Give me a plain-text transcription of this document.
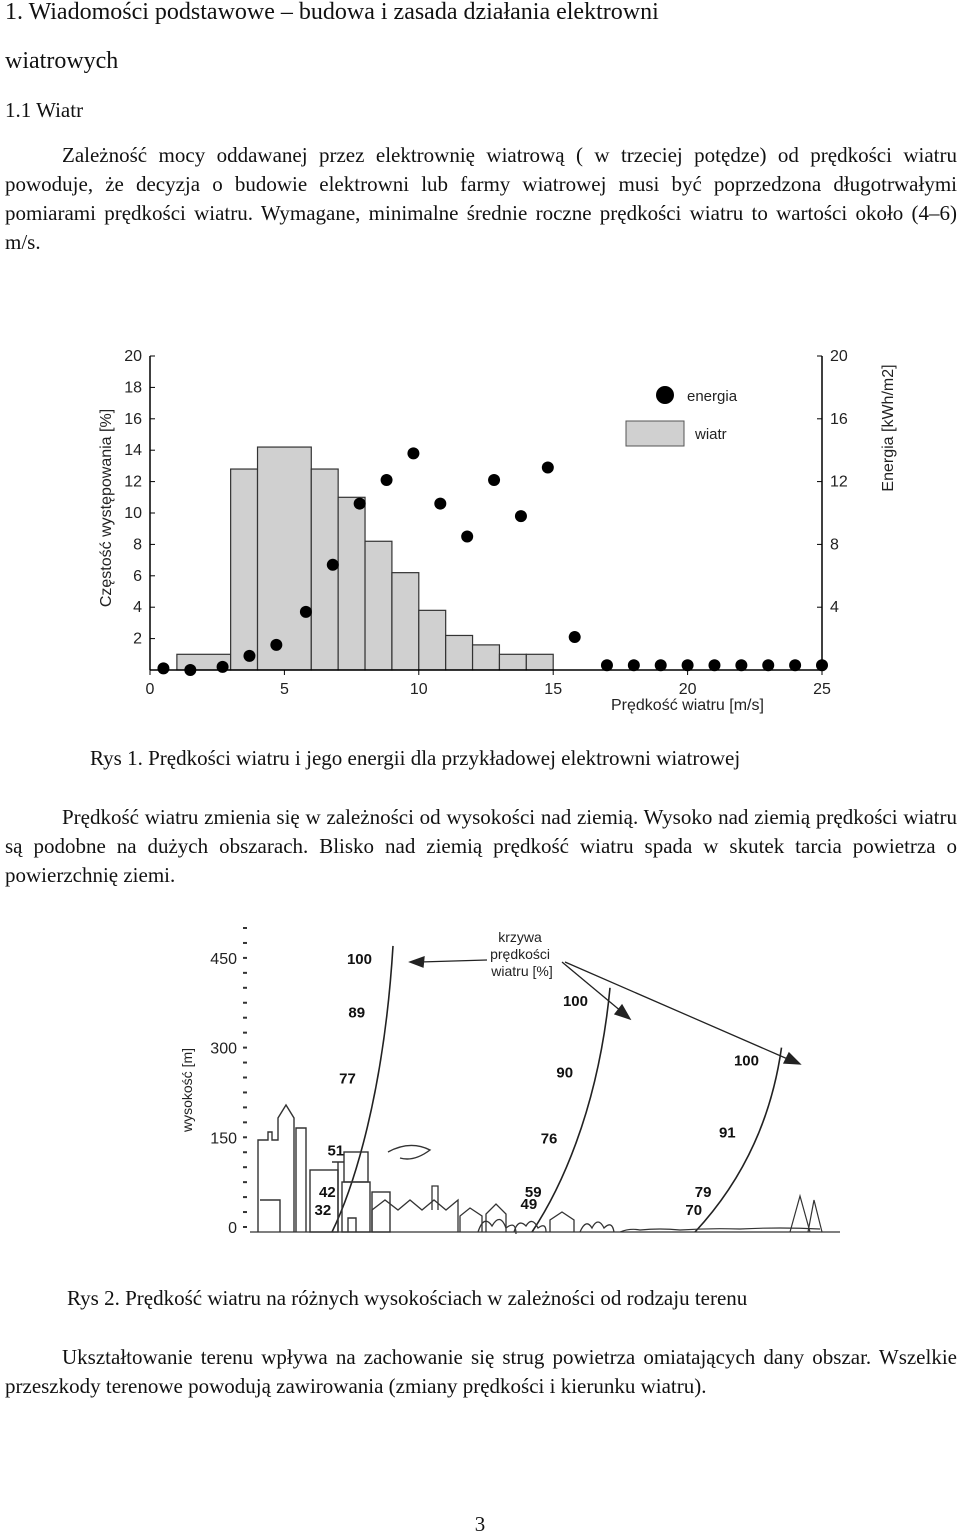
1. Wiadomości podstawowe – budowa i zasada działania elektrowni
wiatrowych
1.1 Wiatr

Zależność mocy oddawanej przez elektrownię wiatrową ( w trzeciej potędze) od prędkości wiatru powoduje, że decyzja o budowie elektrowni lub farmy wiatrowej musi być poprzedzona długotrwałymi pomiarami prędkości wiatru. Wymagane, minimalne średnie roczne prędkości wiatru to wartości około (4–6) m/s.

0	5	10	15	20	25
2
4
6
8
10
12
14
16
18
20
4
8
12
16
20
Częstość występowania [%]	Energia [kWh/m2]
Prędkość wiatru [m/s]
energia
wiatr

Rys 1. Prędkości wiatru i jego energii dla przykładowej elektrowni wiatrowej

Prędkość wiatru zmienia się w zależności od wysokości nad ziemią. Wysoko nad ziemią prędkości wiatru są podobne na dużych obszarach. Blisko nad ziemią prędkość wiatru spada w skutek tarcia powietrza o powierzchnię ziemi.

0
150
300
450
wysokość [m]
krzywa prędkości wiatru [%]
100
89
77
51
42
32
100
90
76
59
49
100
91
79
70

Rys 2. Prędkość wiatru na różnych wysokościach w zależności od rodzaju terenu

Ukształtowanie terenu wpływa na zachowanie się strug powietrza omiatających dany obszar. Wszelkie przeszkody terenowe powodują zawirowania (zmiany prędkości i kierunku wiatru).

3
